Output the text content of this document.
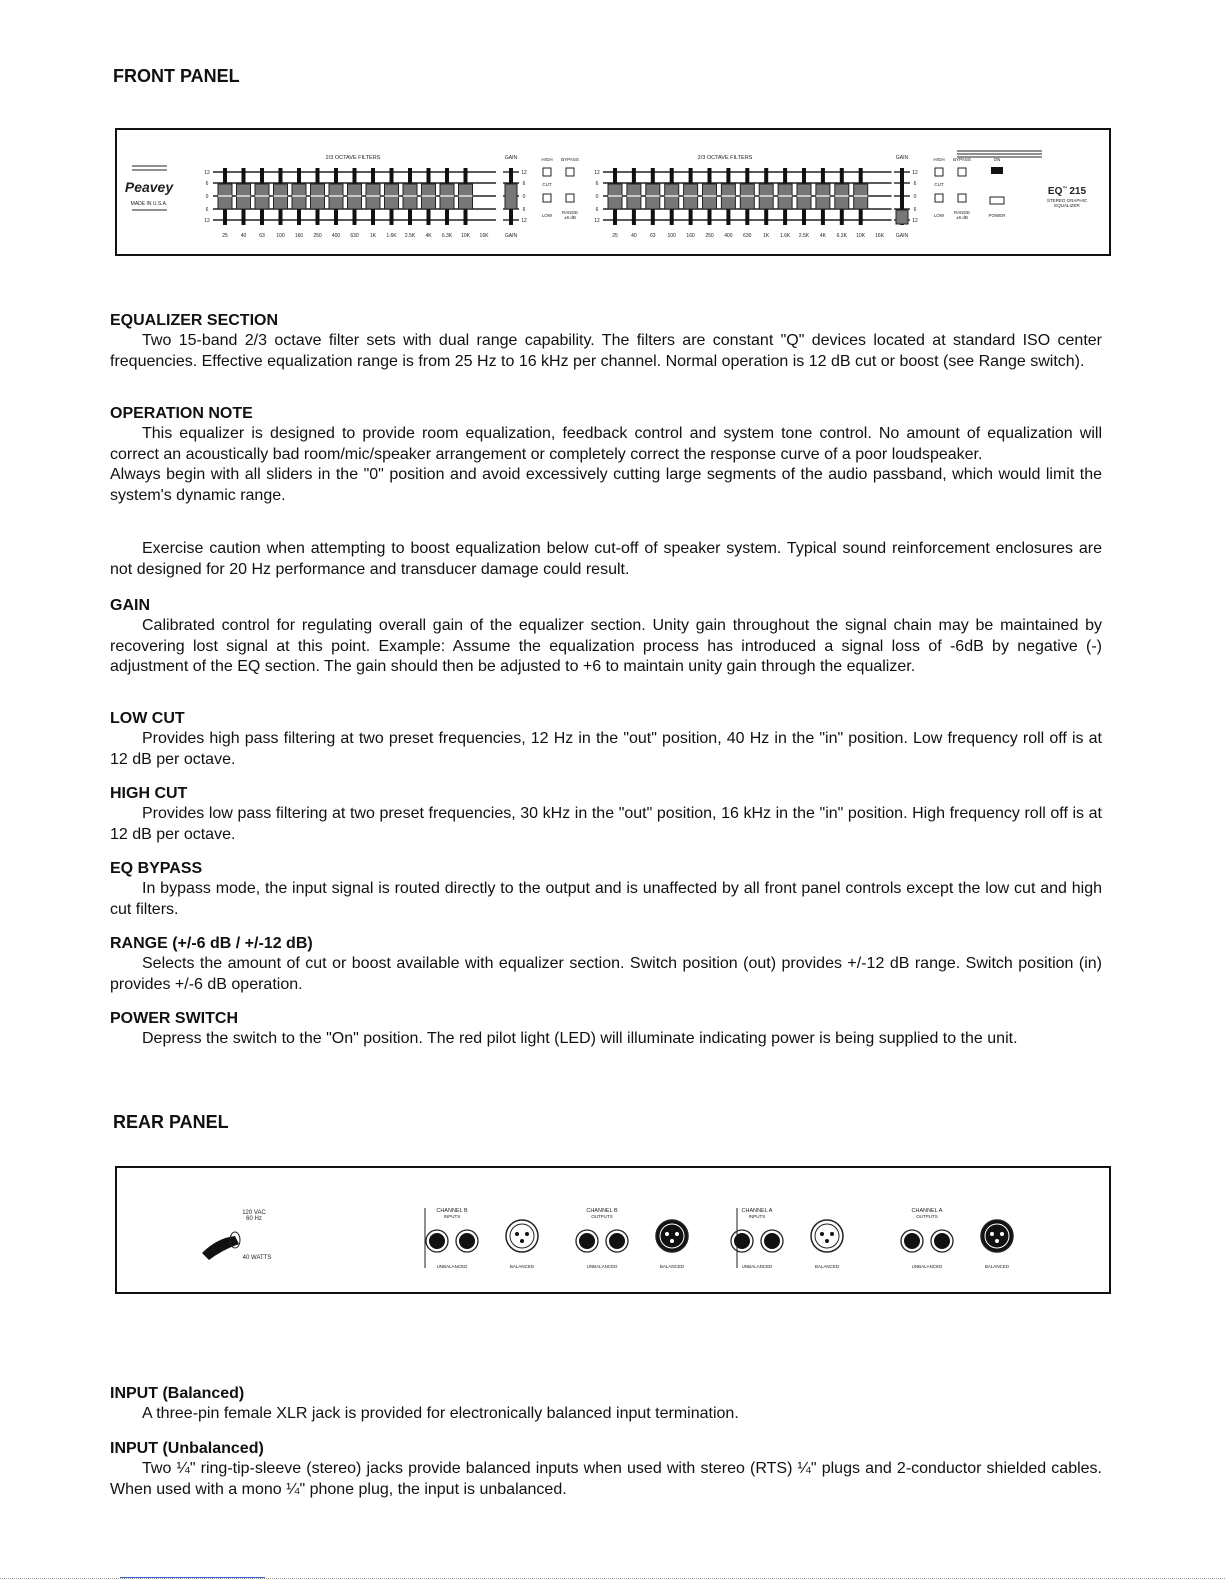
FRONT PANEL
Peavey
MADE IN U.S.A.
2/3 OCTAVE FILTERS
12	12
6	6
0	0
6	6
12	12
25	40	63 100 160 250 400 630 1K 1.6K 2.5K 4K 6.3K 10K 16K
GAIN
GAIN
2/3 OCTAVE FILTERS
12	12
6	6
0	0
6	6
12	12
25	40	63 100 160 250 400 630 1K 1.6K 2.5K 4K 6.3K 10K 16K
GAIN
GAIN
HIGH BYPASS
CUT
LOW
RANGE
±6 dB
HIGH BYPASS
CUT
LOW
RANGE
±6 dB
ON
POWER
EQ™ 215
STEREO GRAPHIC
EQUALIZER
EQUALIZER SECTION

Two 15-band 2/3 octave filter sets with dual range capability. The filters are constant "Q" devices located at standard ISO center frequencies. Effective equalization range is from 25 Hz to 16 kHz per channel. Normal operation is 12 dB cut or boost (see Range switch).

OPERATION NOTE

This equalizer is designed to provide room equalization, feedback control and system tone control. No amount of equalization will correct an acoustically bad room/mic/speaker arrangement or completely correct the response curve of a poor loudspeaker.

Always begin with all sliders in the "0" position and avoid excessively cutting large segments of the audio passband, which would limit the system's dynamic range.

Exercise caution when attempting to boost equalization below cut-off of speaker system. Typical sound reinforcement enclosures are not designed for 20 Hz performance and transducer damage could result.

GAIN

Calibrated control for regulating overall gain of the equalizer section. Unity gain throughout the signal chain may be maintained by recovering lost signal at this point. Example: Assume the equalization process has introduced a signal loss of -6dB by negative (-) adjustment of the EQ section. The gain should then be adjusted to +6 to maintain unity gain through the equalizer.

LOW CUT

Provides high pass filtering at two preset frequencies, 12 Hz in the "out" position, 40 Hz in the "in" position. Low frequency roll off is at 12 dB per octave.

HIGH CUT

Provides low pass filtering at two preset frequencies, 30 kHz in the "out" position, 16 kHz in the "in" position. High frequency roll off is at 12 dB per octave.

EQ BYPASS

In bypass mode, the input signal is routed directly to the output and is unaffected by all front panel controls except the low cut and high cut filters.

RANGE (+/-6 dB / +/-12 dB)

Selects the amount of cut or boost available with equalizer section. Switch position (out) provides +/-12 dB range. Switch position (in) provides +/-6 dB operation.

POWER SWITCH

Depress the switch to the "On" position. The red pilot light (LED) will illuminate indicating power is being supplied to the unit.

REAR PANEL
120 VAC
60 Hz
40 WATTS
CHANNEL B
INPUTS
UNBALANCED	BALANCED
CHANNEL B
OUTPUTS
UNBALANCED	BALANCED
CHANNEL A
INPUTS
UNBALANCED	BALANCED
CHANNEL A
OUTPUTS
UNBALANCED	BALANCED
INPUT (Balanced)

A three-pin female XLR jack is provided for electronically balanced input termination.

INPUT (Unbalanced)

Two ¼" ring-tip-sleeve (stereo) jacks provide balanced inputs when used with stereo (RTS) ¼" plugs and 2-conductor shielded cables. When used with a mono ¼" phone plug, the input is unbalanced.
